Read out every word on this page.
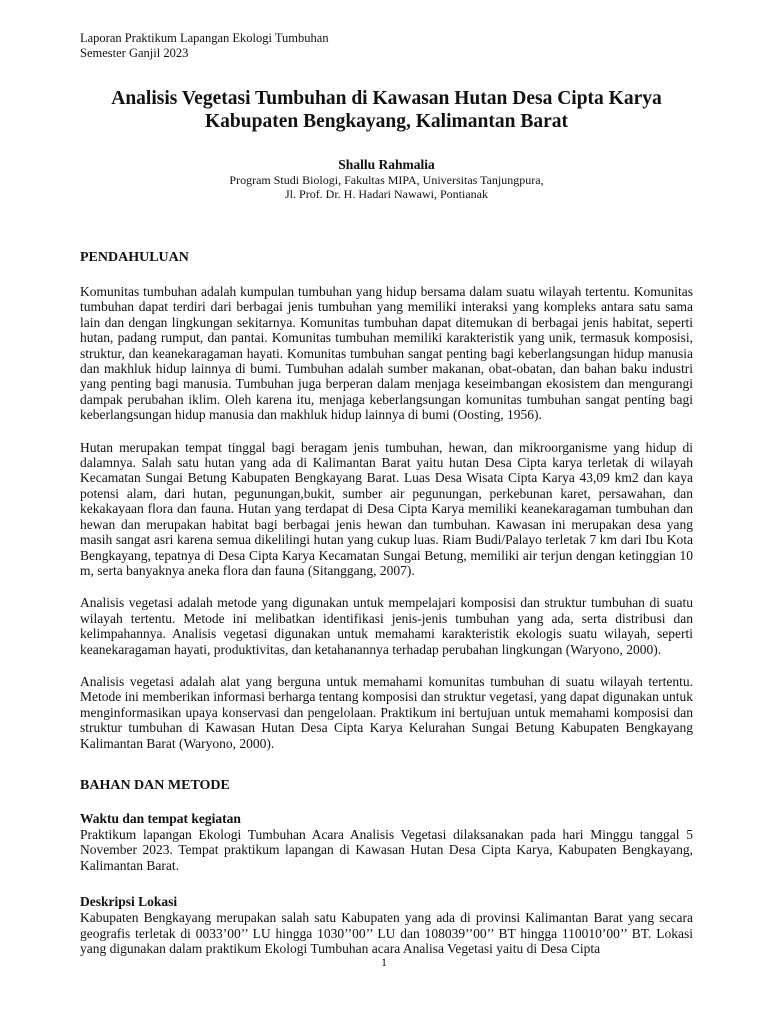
Laporan Praktikum Lapangan Ekologi Tumbuhan
Semester Ganjil 2023
Analisis Vegetasi Tumbuhan di Kawasan Hutan Desa Cipta Karya
Kabupaten Bengkayang, Kalimantan Barat
Shallu Rahmalia
Program Studi Biologi, Fakultas MIPA, Universitas Tanjungpura,
Jl. Prof. Dr. H. Hadari Nawawi, Pontianak
PENDAHULUAN

Komunitas tumbuhan adalah kumpulan tumbuhan yang hidup bersama dalam suatu wilayah tertentu. Komunitas tumbuhan dapat terdiri dari berbagai jenis tumbuhan yang memiliki interaksi yang kompleks antara satu sama lain dan dengan lingkungan sekitarnya. Komunitas tumbuhan dapat ditemukan di berbagai jenis habitat, seperti hutan, padang rumput, dan pantai. Komunitas tumbuhan memiliki karakteristik yang unik, termasuk komposisi, struktur, dan keanekaragaman hayati. Komunitas tumbuhan sangat penting bagi keberlangsungan hidup manusia dan makhluk hidup lainnya di bumi. Tumbuhan adalah sumber makanan, obat-obatan, dan bahan baku industri yang penting bagi manusia. Tumbuhan juga berperan dalam menjaga keseimbangan ekosistem dan mengurangi dampak perubahan iklim. Oleh karena itu, menjaga keberlangsungan komunitas tumbuhan sangat penting bagi keberlangsungan hidup manusia dan makhluk hidup lainnya di bumi (Oosting, 1956).

Hutan merupakan tempat tinggal bagi beragam jenis tumbuhan, hewan, dan mikroorganisme yang hidup di dalamnya. Salah satu hutan yang ada di Kalimantan Barat yaitu hutan Desa Cipta karya terletak di wilayah Kecamatan Sungai Betung Kabupaten Bengkayang Barat. Luas Desa Wisata Cipta Karya 43,09 km2 dan kaya potensi alam, dari hutan, pegunungan,bukit, sumber air pegunungan, perkebunan karet, persawahan, dan kekakayaan flora dan fauna. Hutan yang terdapat di Desa Cipta Karya memiliki keanekaragaman tumbuhan dan hewan dan merupakan habitat bagi berbagai jenis hewan dan tumbuhan. Kawasan ini merupakan desa yang masih sangat asri karena semua dikelilingi hutan yang cukup luas. Riam Budi/Palayo terletak 7 km dari Ibu Kota Bengkayang, tepatnya di Desa Cipta Karya Kecamatan Sungai Betung, memiliki air terjun dengan ketinggian 10 m, serta banyaknya aneka flora dan fauna (Sitanggang, 2007).

Analisis vegetasi adalah metode yang digunakan untuk mempelajari komposisi dan struktur tumbuhan di suatu wilayah tertentu. Metode ini melibatkan identifikasi jenis-jenis tumbuhan yang ada, serta distribusi dan kelimpahannya. Analisis vegetasi digunakan untuk memahami karakteristik ekologis suatu wilayah, seperti keanekaragaman hayati, produktivitas, dan ketahanannya terhadap perubahan lingkungan (Waryono, 2000).

Analisis vegetasi adalah alat yang berguna untuk memahami komunitas tumbuhan di suatu wilayah tertentu. Metode ini memberikan informasi berharga tentang komposisi dan struktur vegetasi, yang dapat digunakan untuk menginformasikan upaya konservasi dan pengelolaan. Praktikum ini bertujuan untuk memahami komposisi dan struktur tumbuhan di Kawasan Hutan Desa Cipta Karya Kelurahan Sungai Betung Kabupaten Bengkayang Kalimantan Barat (Waryono, 2000).

BAHAN DAN METODE
Waktu dan tempat kegiatan

Praktikum lapangan Ekologi Tumbuhan Acara Analisis Vegetasi dilaksanakan pada hari Minggu tanggal 5 November 2023. Tempat praktikum lapangan di Kawasan Hutan Desa Cipta Karya, Kabupaten Bengkayang, Kalimantan Barat.

Deskripsi Lokasi

Kabupaten Bengkayang merupakan salah satu Kabupaten yang ada di provinsi Kalimantan Barat yang secara geografis terletak di 0033’00’’ LU hingga 1030’’00’’ LU dan 108039’’00’’ BT hingga 110010’00’’ BT. Lokasi yang digunakan dalam praktikum Ekologi Tumbuhan acara Analisa Vegetasi yaitu di Desa Cipta

1
